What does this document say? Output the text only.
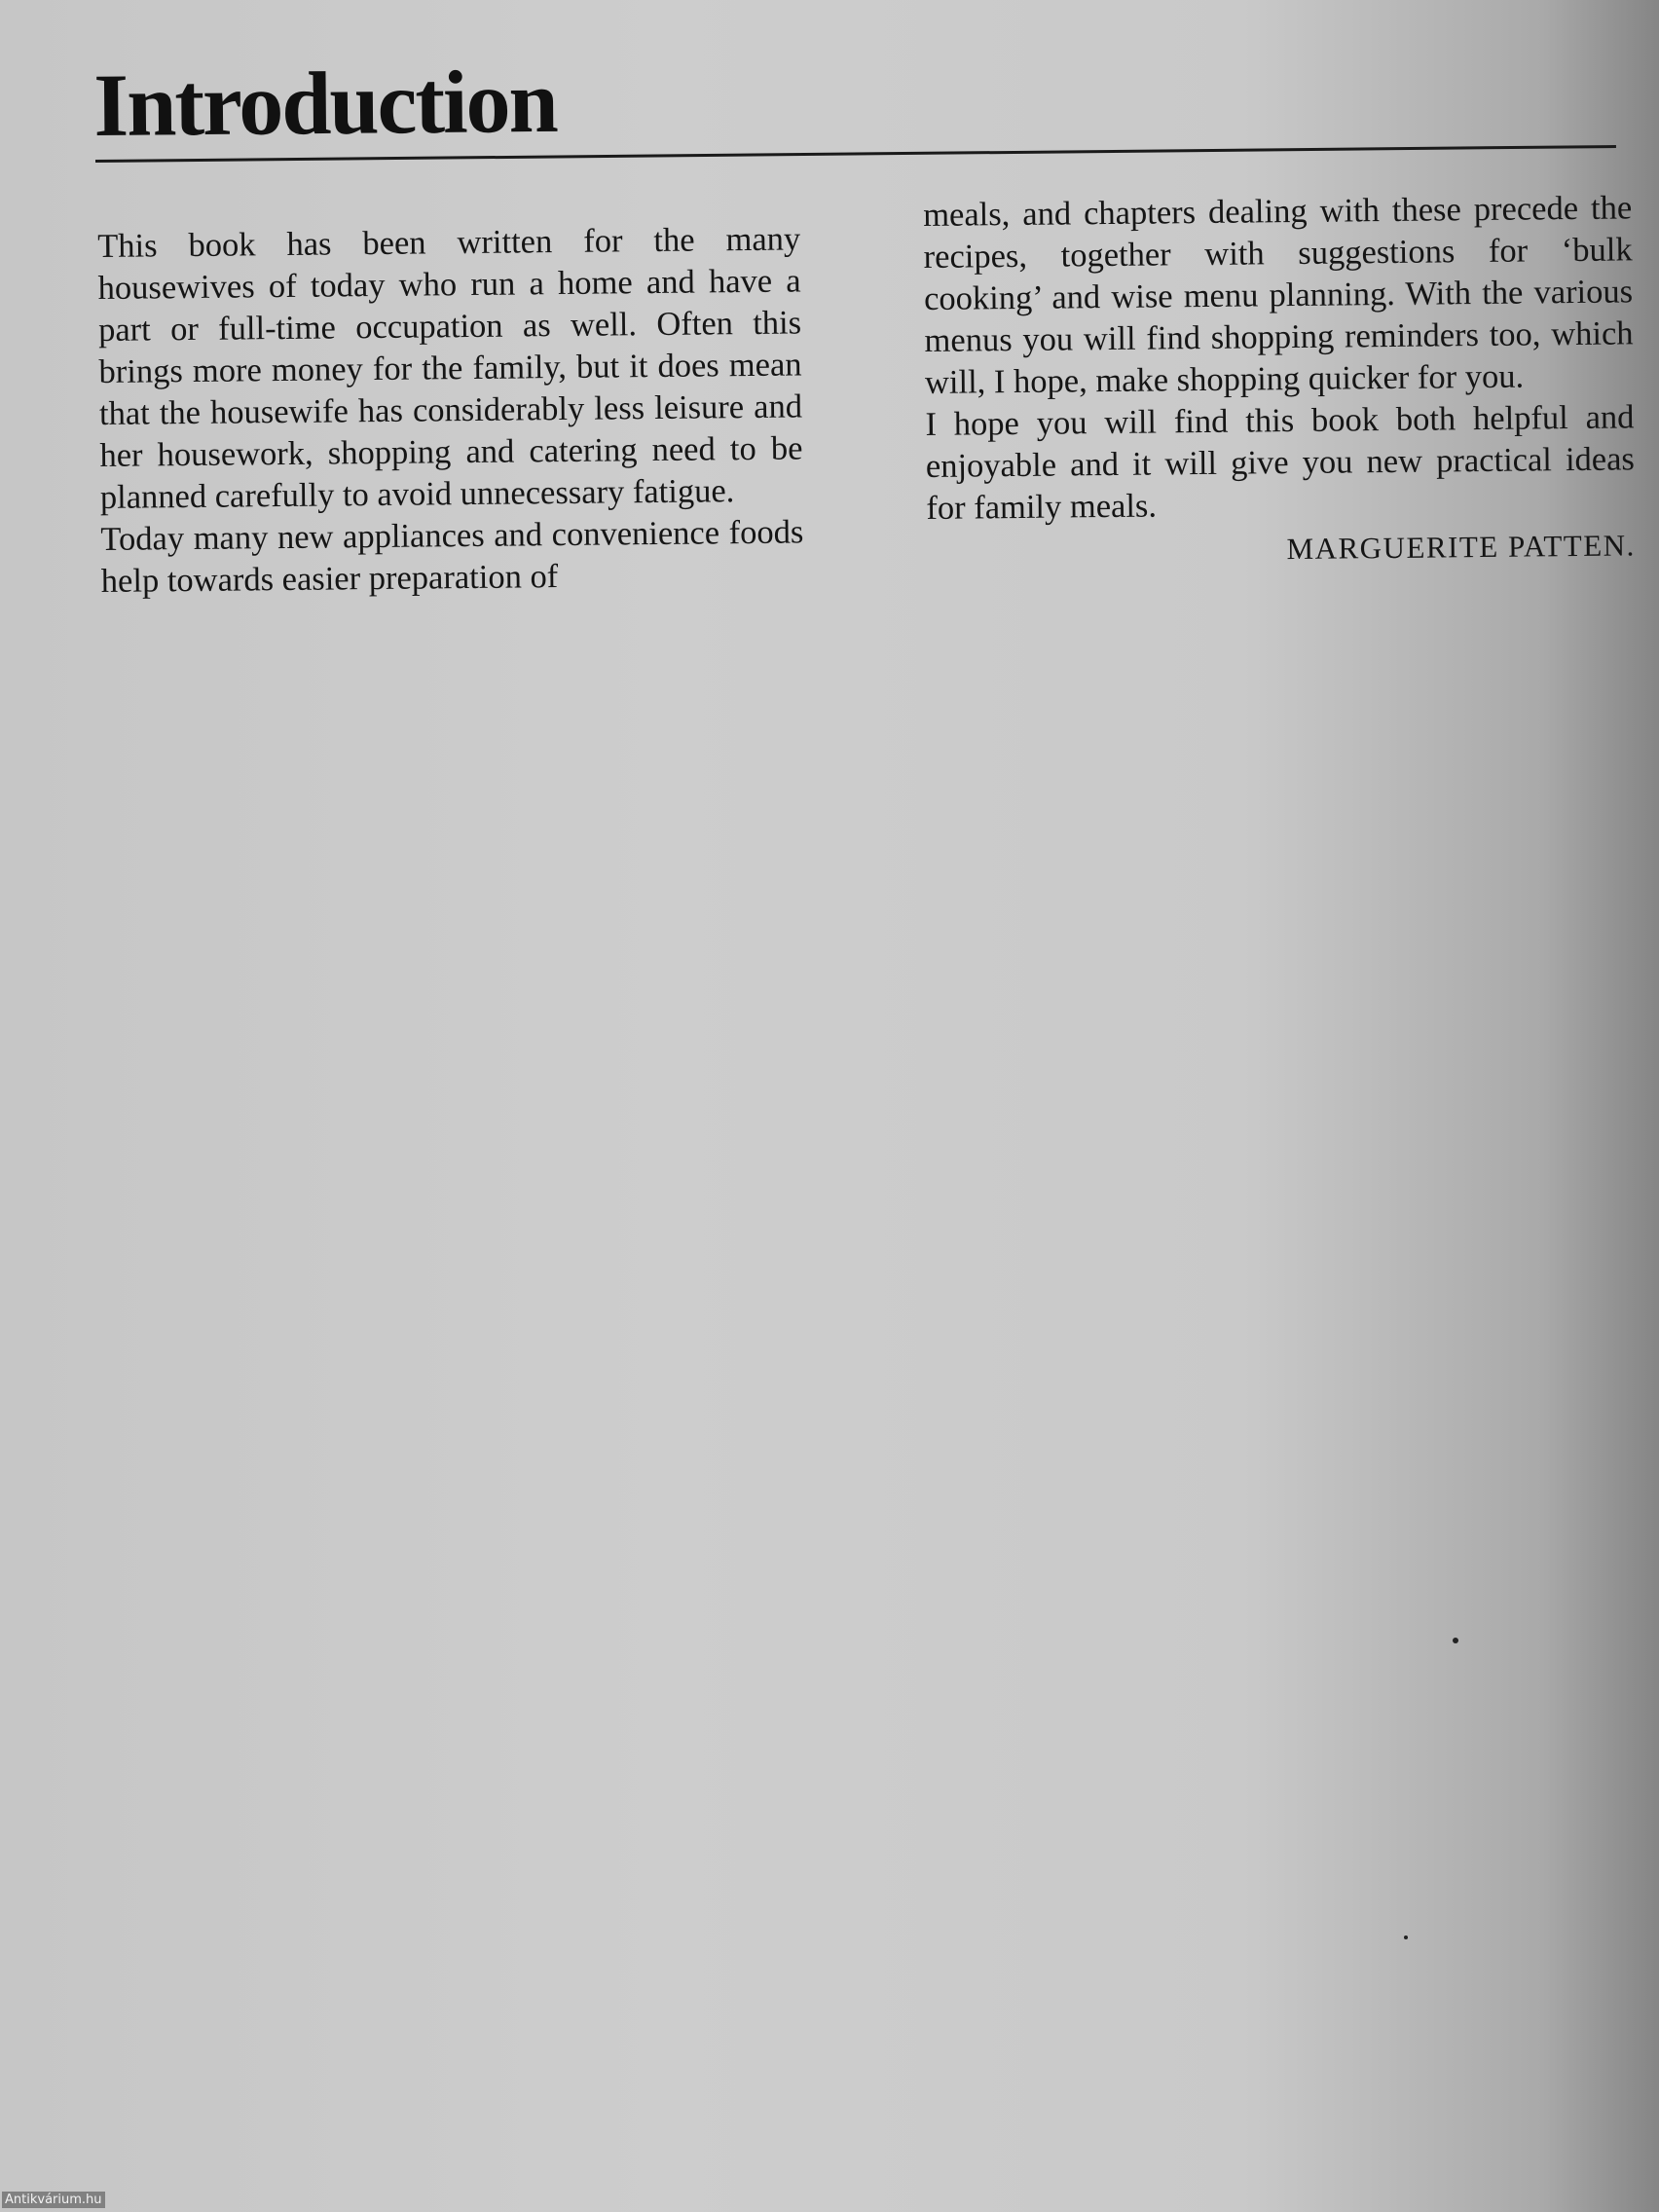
Introduction

This book has been written for the many housewives of today who run a home and have a part or full-time occupation as well. Often this brings more money for the family, but it does mean that the housewife has considerably less leisure and her housework, shopping and catering need to be planned carefully to avoid unnecessary fatigue.

Today many new appliances and convenience foods help towards easier preparation of

meals, and chapters dealing with these precede the recipes, together with suggestions for ‘bulk cooking’ and wise menu planning. With the various menus you will find shopping reminders too, which will, I hope, make shopping quicker for you.

I hope you will find this book both helpful and enjoyable and it will give you new practical ideas for family meals.

MARGUERITE PATTEN.

Antikvárium.hu
